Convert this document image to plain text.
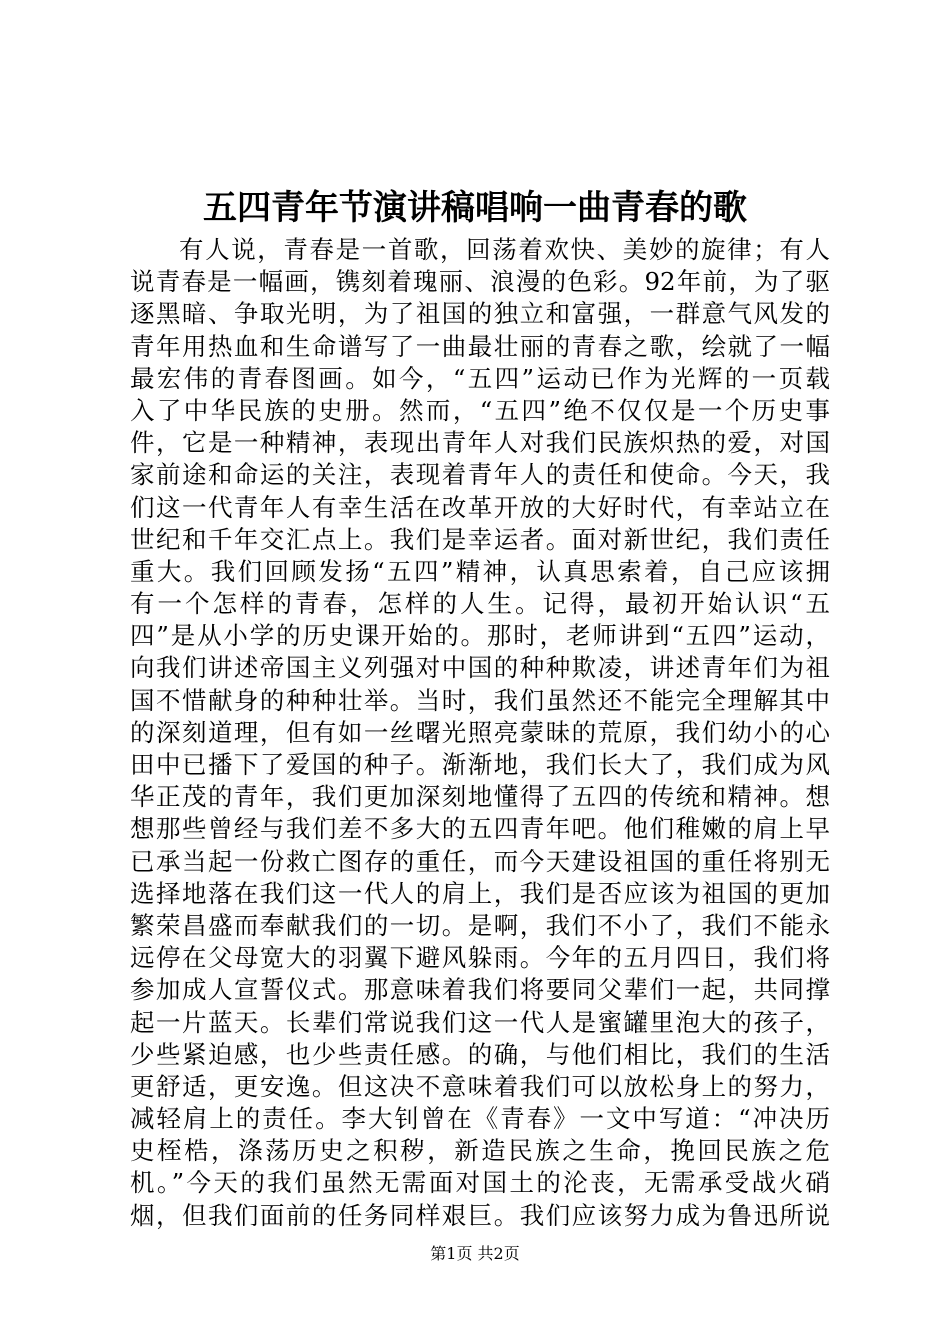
五四青年节演讲稿唱响一曲青春的歌
有人说，青春是一首歌，回荡着欢快、美妙的旋律；有人
说青春是一幅画，镌刻着瑰丽、浪漫的色彩。92年前，为了驱
逐黑暗、争取光明，为了祖国的独立和富强，一群意气风发的
青年用热血和生命谱写了一曲最壮丽的青春之歌，绘就了一幅
最宏伟的青春图画。如今，“五四”运动已作为光辉的一页载
入了中华民族的史册。然而，“五四”绝不仅仅是一个历史事
件，它是一种精神，表现出青年人对我们民族炽热的爱，对国
家前途和命运的关注，表现着青年人的责任和使命。今天，我
们这一代青年人有幸生活在改革开放的大好时代，有幸站立在
世纪和千年交汇点上。我们是幸运者。面对新世纪，我们责任
重大。我们回顾发扬“五四”精神，认真思索着，自己应该拥
有一个怎样的青春，怎样的人生。记得，最初开始认识“五
四”是从小学的历史课开始的。那时，老师讲到“五四”运动，
向我们讲述帝国主义列强对中国的种种欺凌，讲述青年们为祖
国不惜献身的种种壮举。当时，我们虽然还不能完全理解其中
的深刻道理，但有如一丝曙光照亮蒙昧的荒原，我们幼小的心
田中已播下了爱国的种子。渐渐地，我们长大了，我们成为风
华正茂的青年，我们更加深刻地懂得了五四的传统和精神。想
想那些曾经与我们差不多大的五四青年吧。他们稚嫩的肩上早
已承当起一份救亡图存的重任，而今天建设祖国的重任将别无
选择地落在我们这一代人的肩上，我们是否应该为祖国的更加
繁荣昌盛而奉献我们的一切。是啊，我们不小了，我们不能永
远停在父母宽大的羽翼下避风躲雨。今年的五月四日，我们将
参加成人宣誓仪式。那意味着我们将要同父辈们一起，共同撑
起一片蓝天。长辈们常说我们这一代人是蜜罐里泡大的孩子，
少些紧迫感，也少些责任感。的确，与他们相比，我们的生活
更舒适，更安逸。但这决不意味着我们可以放松身上的努力，
减轻肩上的责任。李大钊曾在《青春》一文中写道：“冲决历
史桎梏，涤荡历史之积秽，新造民族之生命，挽回民族之危
机。”今天的我们虽然无需面对国土的沦丧，无需承受战火硝
烟，但我们面前的任务同样艰巨。我们应该努力成为鲁迅所说
第1页 共2页
